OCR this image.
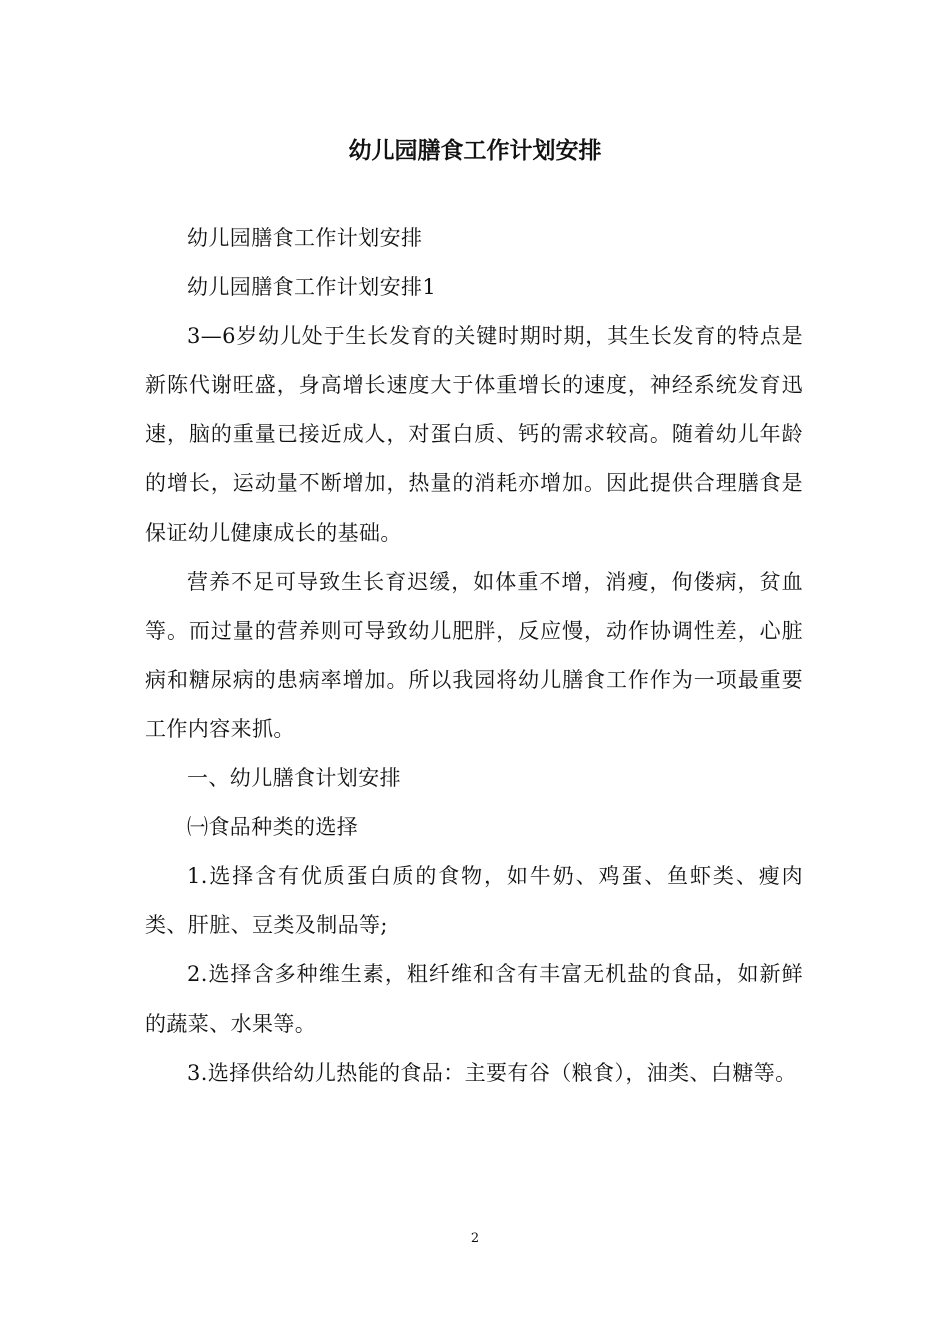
幼儿园膳食工作计划安排

幼儿园膳食工作计划安排

幼儿园膳食工作计划安排1

3—6岁幼儿处于生长发育的关键时期时期，其生长发育的特点是新陈代谢旺盛，身高增长速度大于体重增长的速度，神经系统发育迅速，脑的重量已接近成人，对蛋白质、钙的需求较高。随着幼儿年龄的增长，运动量不断增加，热量的消耗亦增加。因此提供合理膳食是保证幼儿健康成长的基础。

营养不足可导致生长育迟缓，如体重不增，消瘦，佝偻病，贫血等。而过量的营养则可导致幼儿肥胖，反应慢，动作协调性差，心脏病和糖尿病的患病率增加。所以我园将幼儿膳食工作作为一项最重要工作内容来抓。

一、幼儿膳食计划安排

㈠食品种类的选择

1.选择含有优质蛋白质的食物，如牛奶、鸡蛋、鱼虾类、瘦肉类、肝脏、豆类及制品等;

2.选择含多种维生素，粗纤维和含有丰富无机盐的食品，如新鲜的蔬菜、水果等。

3.选择供给幼儿热能的食品：主要有谷（粮食），油类、白糖等。

2
